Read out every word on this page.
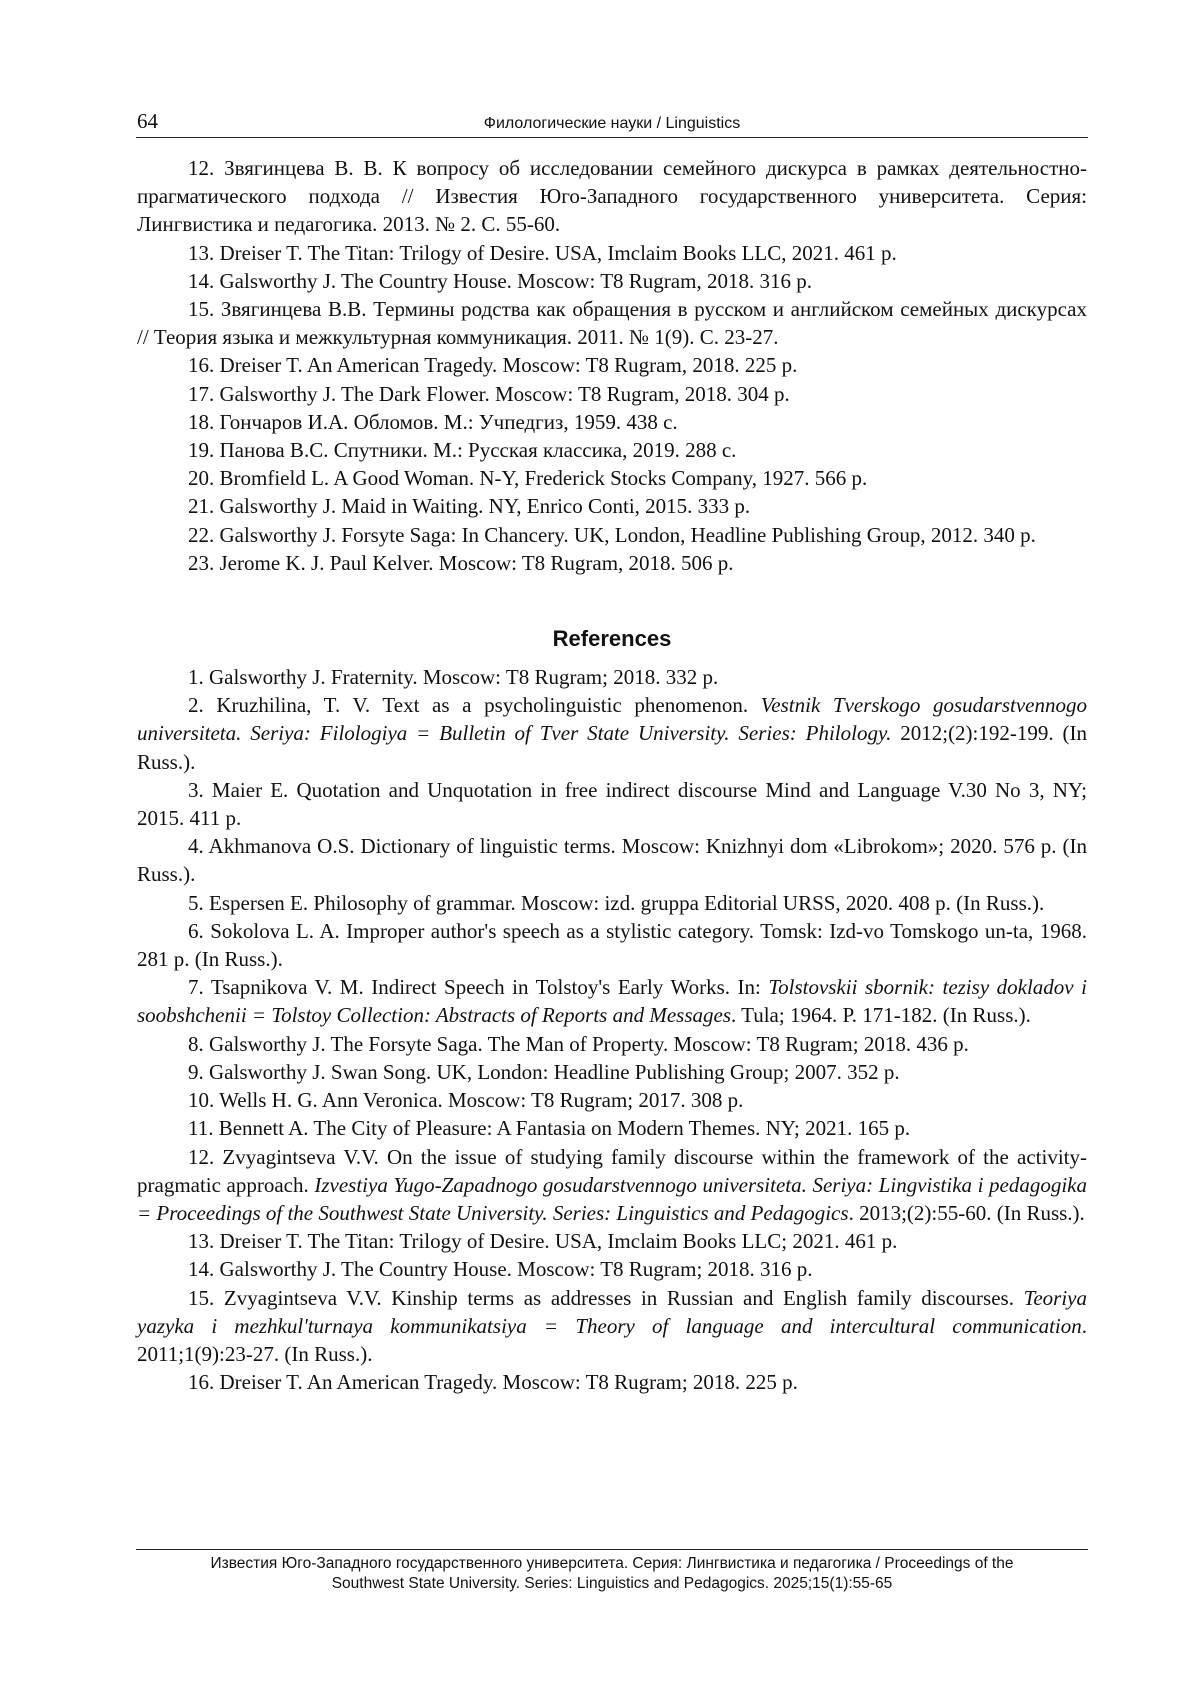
64	Филологические науки / Linguistics

12. Звягинцева В. В. К вопросу об исследовании семейного дискурса в рамках деятельностно-прагматического подхода // Известия Юго-Западного государственного университета. Серия: Лингвистика и педагогика. 2013. № 2. С. 55-60.

13. Dreiser T. The Titan: Trilogy of Desire. USA, Imclaim Books LLC, 2021. 461 p.

14. Galsworthy J. The Country House. Moscow: T8 Rugram, 2018. 316 p.

15. Звягинцева В.В. Термины родства как обращения в русском и английском семейных дискурсах // Теория языка и межкультурная коммуникация. 2011. № 1(9). С. 23-27.

16. Dreiser T. An American Tragedy. Moscow: T8 Rugram, 2018. 225 p.

17. Galsworthy J. The Dark Flower. Moscow: T8 Rugram, 2018. 304 p.

18. Гончаров И.А. Обломов. М.: Учпедгиз, 1959. 438 с.

19. Панова В.С. Спутники. М.: Русская классика, 2019. 288 с.

20. Bromfield L. A Good Woman. N-Y, Frederick Stocks Company, 1927. 566 p.

21. Galsworthy J. Maid in Waiting. NY, Enrico Conti, 2015. 333 p.

22. Galsworthy J. Forsyte Saga: In Chancery. UK, London, Headline Publishing Group, 2012. 340 p.

23. Jerome K. J. Paul Kelver. Moscow: T8 Rugram, 2018. 506 p.

References

1. Galsworthy J. Fraternity. Moscow: T8 Rugram; 2018. 332 p.

2. Kruzhilina, T. V. Text as a psycholinguistic phenomenon. Vestnik Tverskogo gosudarstvennogo universiteta. Seriya: Filologiya = Bulletin of Tver State University. Series: Philology. 2012;(2):192-199. (In Russ.).

3. Maier E. Quotation and Unquotation in free indirect discourse Mind and Language V.30 No 3, NY; 2015. 411 p.

4. Akhmanova O.S. Dictionary of linguistic terms. Moscow: Knizhnyi dom «Librokom»; 2020. 576 p. (In Russ.).

5. Espersen E. Philosophy of grammar. Moscow: izd. gruppa Editorial URSS, 2020. 408 p. (In Russ.).

6. Sokolova L. A. Improper author's speech as a stylistic category. Tomsk: Izd-vo Tomskogo un-ta, 1968. 281 p. (In Russ.).

7. Tsapnikova V. M. Indirect Speech in Tolstoy's Early Works. In: Tolstovskii sbornik: tezisy dokladov i soobshchenii = Tolstoy Collection: Abstracts of Reports and Messages. Tula; 1964. P. 171-182. (In Russ.).

8. Galsworthy J. The Forsyte Saga. The Man of Property. Moscow: T8 Rugram; 2018. 436 p.

9. Galsworthy J. Swan Song. UK, London: Headline Publishing Group; 2007. 352 p.

10. Wells H. G. Ann Veronica. Moscow: T8 Rugram; 2017. 308 p.

11. Bennett A. The City of Pleasure: A Fantasia on Modern Themes. NY; 2021. 165 p.

12. Zvyagintseva V.V. On the issue of studying family discourse within the framework of the activity-pragmatic approach. Izvestiya Yugo-Zapadnogo gosudarstvennogo universiteta. Seriya: Lingvistika i pedagogika = Proceedings of the Southwest State University. Series: Linguistics and Pedagogics. 2013;(2):55-60. (In Russ.).

13. Dreiser T. The Titan: Trilogy of Desire. USA, Imclaim Books LLC; 2021. 461 p.

14. Galsworthy J. The Country House. Moscow: T8 Rugram; 2018. 316 p.

15. Zvyagintseva V.V. Kinship terms as addresses in Russian and English family discourses. Teoriya yazyka i mezhkul'turnaya kommunikatsiya = Theory of language and intercultural communication. 2011;1(9):23-27. (In Russ.).

16. Dreiser T. An American Tragedy. Moscow: T8 Rugram; 2018. 225 p.

Известия Юго-Западного государственного университета. Серия: Лингвистика и педагогика / Proceedings of the
Southwest State University. Series: Linguistics and Pedagogics. 2025;15(1):55-65
